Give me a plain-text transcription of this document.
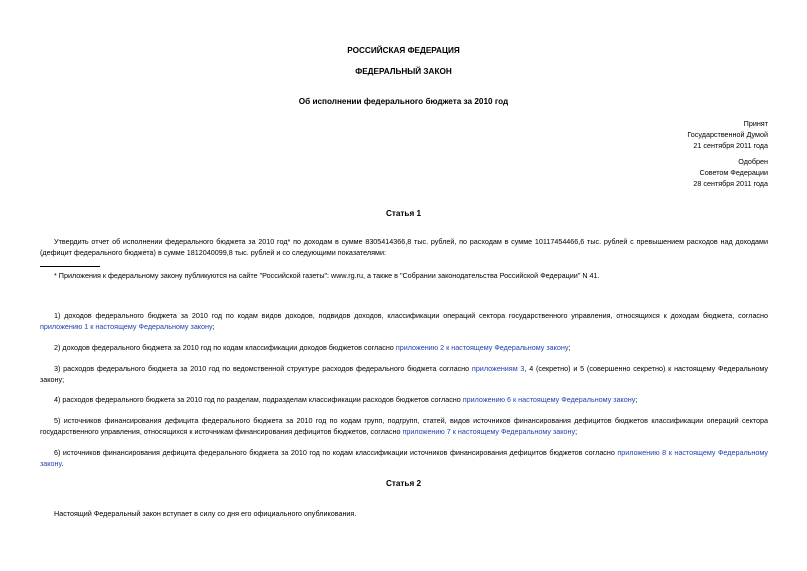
РОССИЙСКАЯ ФЕДЕРАЦИЯ
ФЕДЕРАЛЬНЫЙ ЗАКОН
Об исполнении федерального бюджета за 2010 год
Принят
Государственной Думой
21 сентября 2011 года
Одобрен
Советом Федерации
28 сентября 2011 года
Статья 1
Утвердить отчет об исполнении федерального бюджета за 2010 год* по доходам в сумме 8305414366,8 тыс. рублей, по расходам в сумме 10117454466,6 тыс. рублей с превышением расходов над доходами (дефицит федерального бюджета) в сумме 1812040099,8 тыс. рублей и со следующими показателями:
* Приложения к федеральному закону публикуются на сайте "Российской газеты": www.rg.ru, а также в "Собрании законодательства Российской Федерации" N 41.
1) доходов федерального бюджета за 2010 год по кодам видов доходов, подвидов доходов, классификации операций сектора государственного управления, относящихся к доходам бюджета, согласно приложению 1 к настоящему Федеральному закону;
2) доходов федерального бюджета за 2010 год по кодам классификации доходов бюджетов согласно приложению 2 к настоящему Федеральному закону;
3) расходов федерального бюджета за 2010 год по ведомственной структуре расходов федерального бюджета согласно приложениям 3, 4 (секретно) и 5 (совершенно секретно) к настоящему Федеральному закону;
4) расходов федерального бюджета за 2010 год по разделам, подразделам классификации расходов бюджетов согласно приложению 6 к настоящему Федеральному закону;
5) источников финансирования дефицита федерального бюджета за 2010 год по кодам групп, подгрупп, статей, видов источников финансирования дефицитов бюджетов классификации операций сектора государственного управления, относящихся к источникам финансирования дефицитов бюджетов, согласно приложению 7 к настоящему Федеральному закону;
6) источников финансирования дефицита федерального бюджета за 2010 год по кодам классификации источников финансирования дефицитов бюджетов согласно приложению 8 к настоящему Федеральному закону.
Статья 2
Настоящий Федеральный закон вступает в силу со дня его официального опубликования.
